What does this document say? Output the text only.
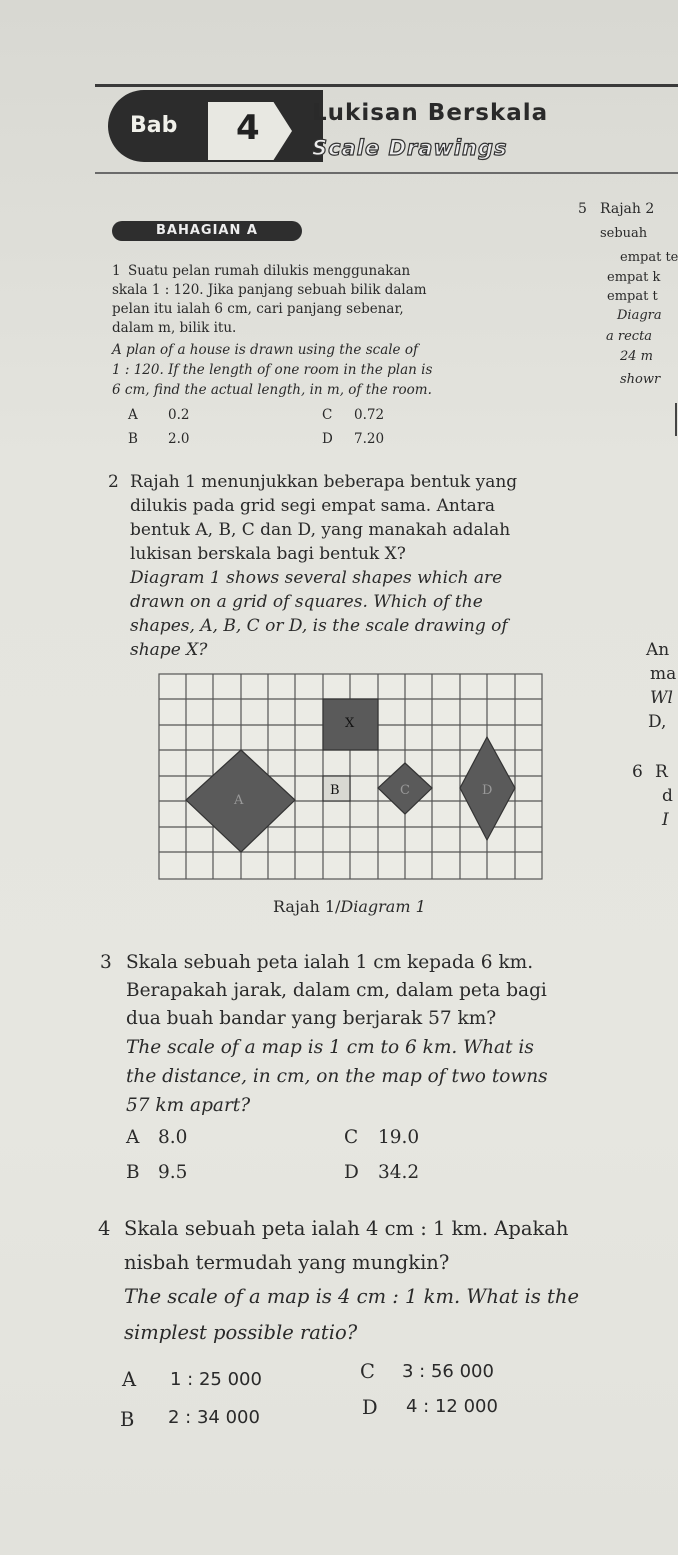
Bab 4 Lukisan Berskala
Scale Drawings
BAHAGIAN A
1 Suatu pelan rumah dilukis menggunakan
skala 1 : 120. Jika panjang sebuah bilik dalam
pelan itu ialah 6 cm, cari panjang sebenar,
dalam m, bilik itu.
A plan of a house is drawn using the scale of
1 : 120. If the length of one room in the plan is
6 cm, find the actual length, in m, of the room.
A 0.2	C 0.72
B 2.0	D 7.20
2 Rajah 1 menunjukkan beberapa bentuk yang
dilukis pada grid segi empat sama. Antara
bentuk A, B, C dan D, yang manakah adalah
lukisan berskala bagi bentuk X?
Diagram 1 shows several shapes which are
drawn on a grid of squares. Which of the
shapes, A, B, C or D, is the scale drawing of
shape X?
X
A
B	C	D
Rajah 1/Diagram 1
3 Skala sebuah peta ialah 1 cm kepada 6 km.
Berapakah jarak, dalam cm, dalam peta bagi
dua buah bandar yang berjarak 57 km?
The scale of a map is 1 cm to 6 km. What is
the distance, in cm, on the map of two towns
57 km apart?
A 8.0	C 19.0
B 9.5	D 34.2
4 Skala sebuah peta ialah 4 cm : 1 km. Apakah
nisbah termudah yang mungkin?
The scale of a map is 4 cm : 1 km. What is the
simplest possible ratio?
A 1 : 25 000	C 3 : 56 000
B 2 : 34 000	D 4 : 12 000
5 Rajah 2
sebuah
empat te
empat k
empat t
Diagra
a recta
24 m
showr
An
ma
Wl
D,
6 R
d
I
